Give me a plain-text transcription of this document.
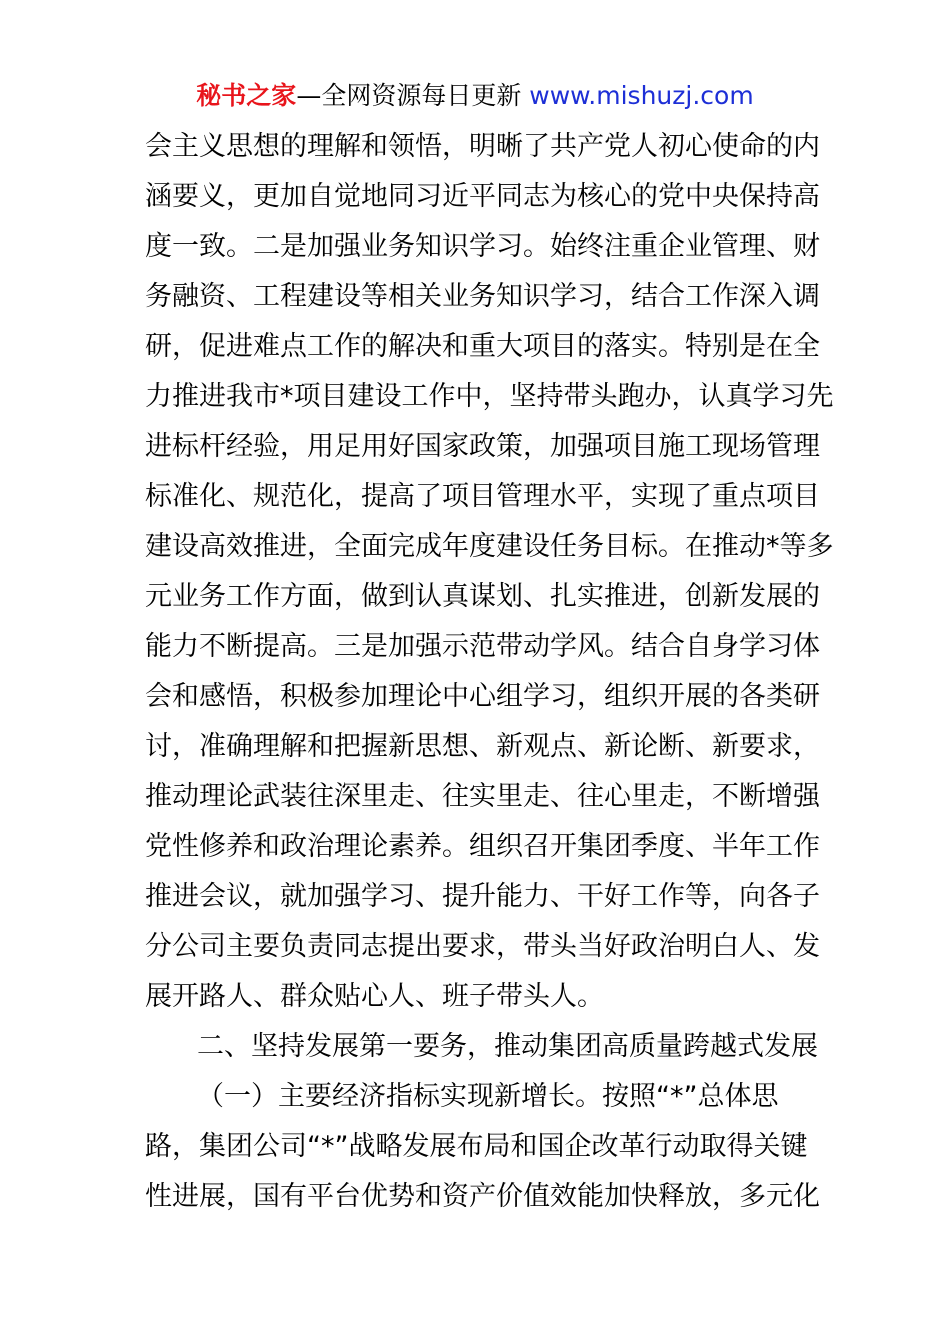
秘书之家—全网资源每日更新 www.mishuzj.com
会主义思想的理解和领悟，明晰了共产党人初心使命的内
涵要义，更加自觉地同习近平同志为核心的党中央保持高
度一致。二是加强业务知识学习。始终注重企业管理、财
务融资、工程建设等相关业务知识学习，结合工作深入调
研，促进难点工作的解决和重大项目的落实。特别是在全
力推进我市*项目建设工作中，坚持带头跑办，认真学习先
进标杆经验，用足用好国家政策，加强项目施工现场管理
标准化、规范化，提高了项目管理水平，实现了重点项目
建设高效推进，全面完成年度建设任务目标。在推动*等多
元业务工作方面，做到认真谋划、扎实推进，创新发展的
能力不断提高。三是加强示范带动学风。结合自身学习体
会和感悟，积极参加理论中心组学习，组织开展的各类研
讨，准确理解和把握新思想、新观点、新论断、新要求，
推动理论武装往深里走、往实里走、往心里走，不断增强
党性修养和政治理论素养。组织召开集团季度、半年工作
推进会议，就加强学习、提升能力、干好工作等，向各子
分公司主要负责同志提出要求，带头当好政治明白人、发
展开路人、群众贴心人、班子带头人。
二、坚持发展第一要务，推动集团高质量跨越式发展
（一）主要经济指标实现新增长。按照“*”总体思
路，集团公司“*”战略发展布局和国企改革行动取得关键
性进展，国有平台优势和资产价值效能加快释放，多元化
